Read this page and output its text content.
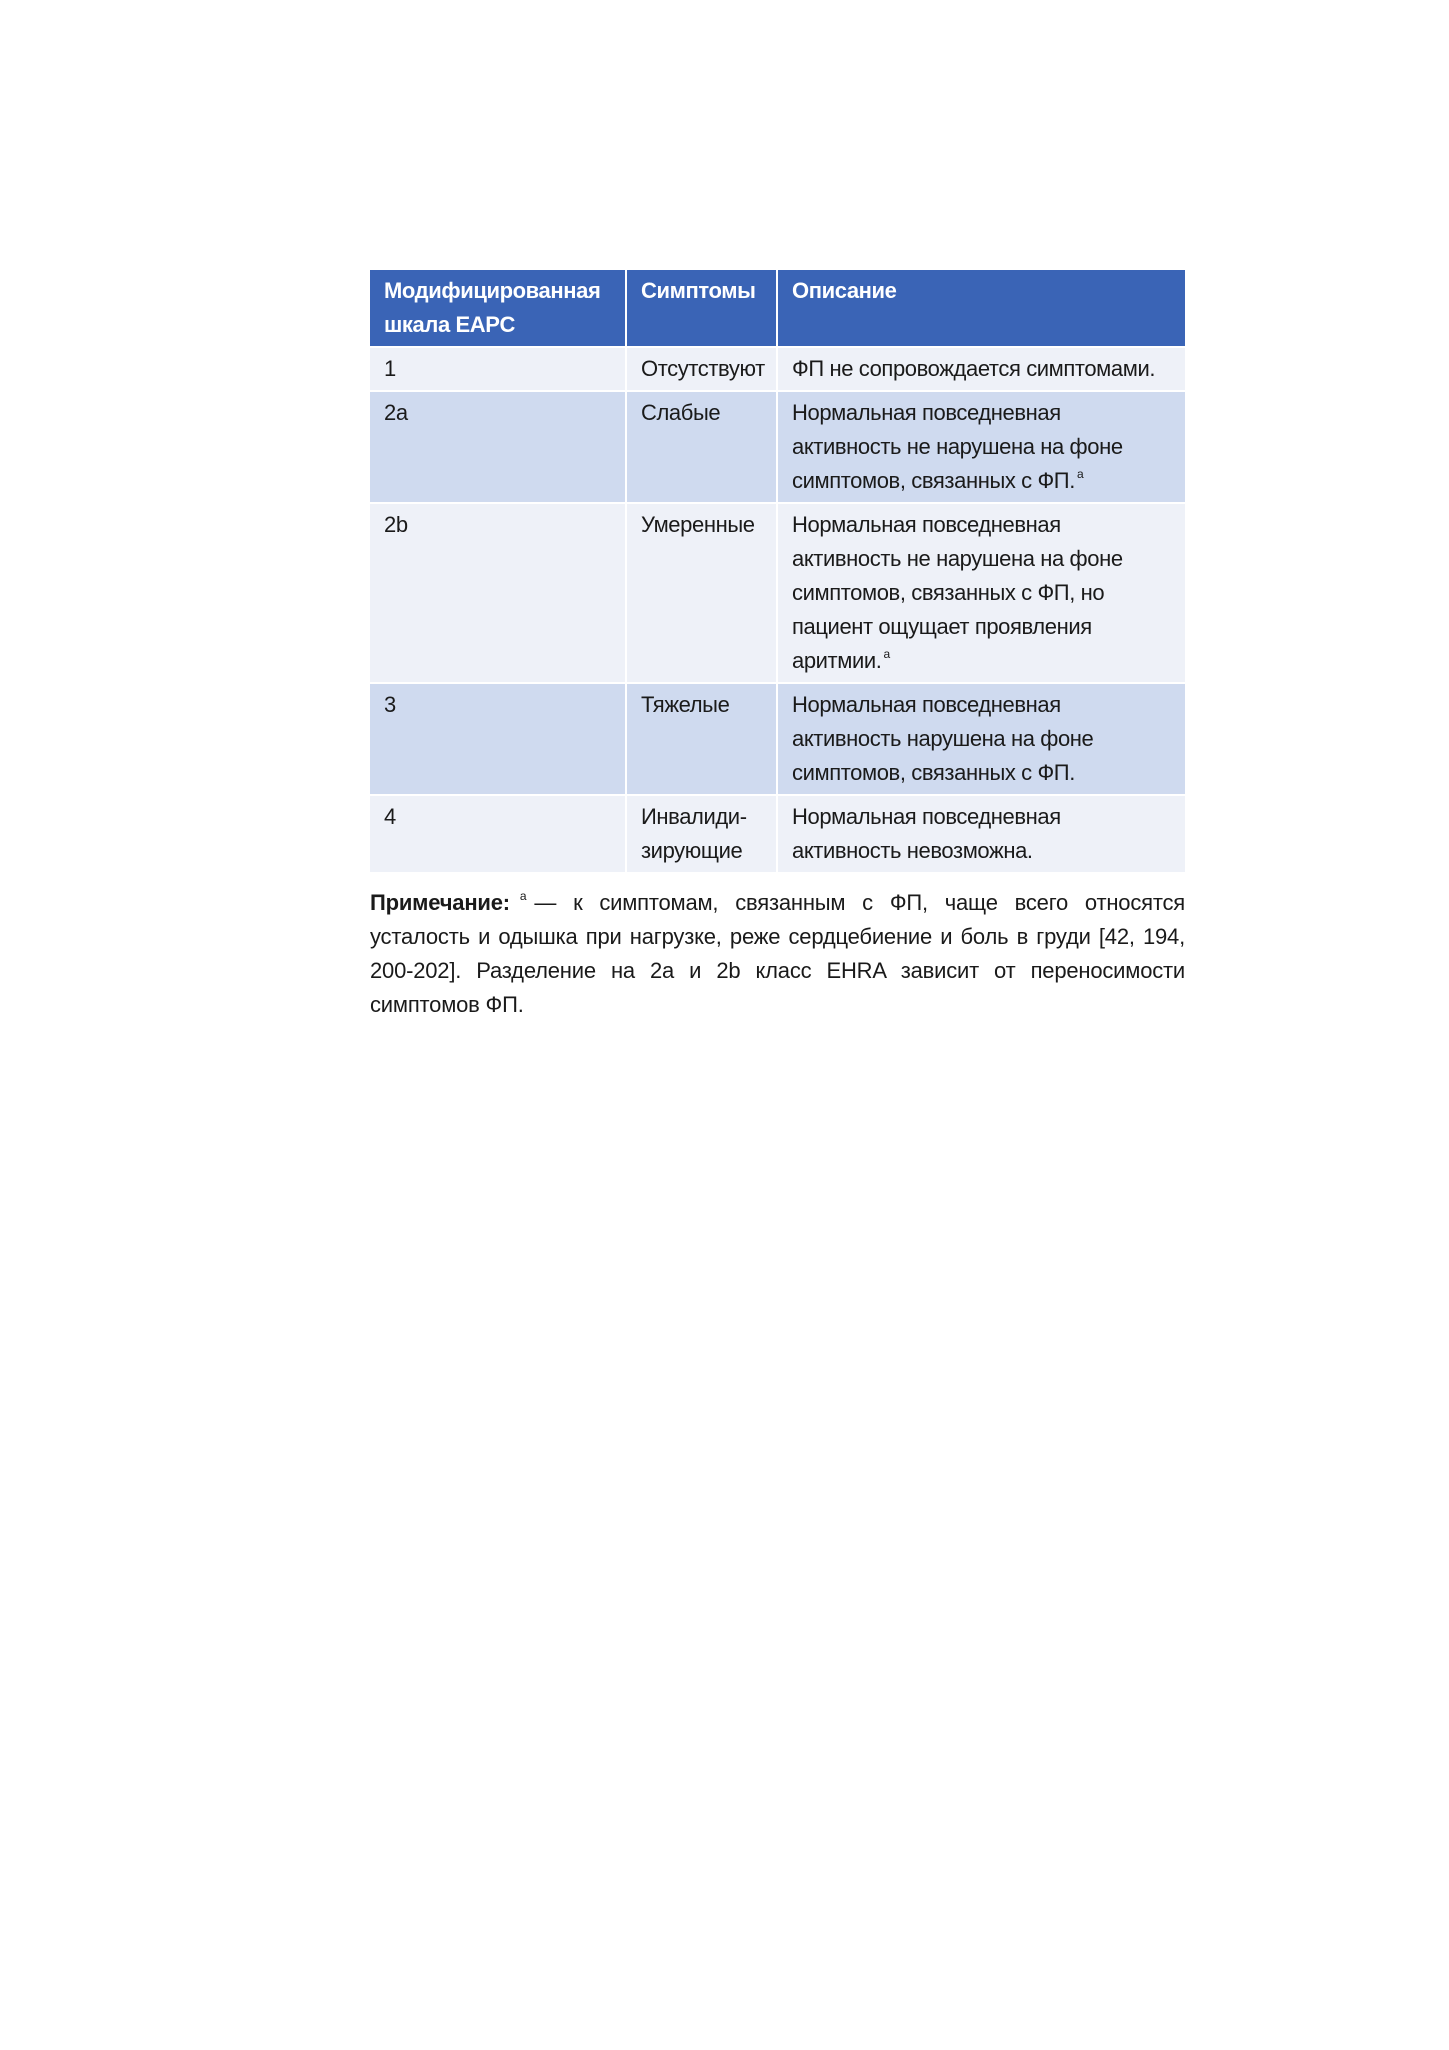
Модифицированная шкала EAPC	Симптомы	Описание
1	Отсутствуют	ФП не сопровождается симптомами.
2a	Слабые	Нормальная повседневная активность не нарушена на фоне симптомов, связанных с ФП. $^а$
2b	Умеренные	Нормальная повседневная активность не нарушена на фоне симптомов, связанных с ФП, но пациент ощущает проявления аритмии. $^а$
3	Тяжелые	Нормальная повседневная активность нарушена на фоне симптомов, связанных с ФП.
4	Инвалиди-зирующие	Нормальная повседневная активность невозможна.

Примечание: $^а$ — к симптомам, связанным с ФП, чаще всего относятся усталость и одышка при нагрузке, реже сердцебиение и боль в груди [42, 194, 200-202]. Разделение на 2a и 2b класс EHRA зависит от переносимости симптомов ФП.
